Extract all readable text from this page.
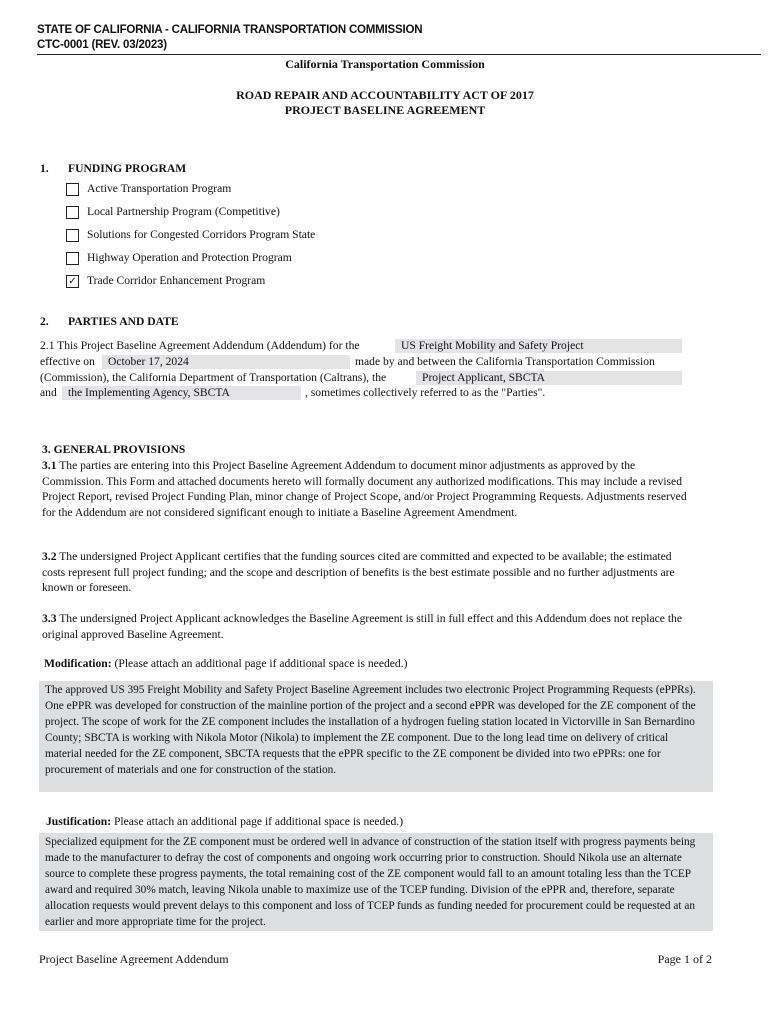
STATE OF CALIFORNIA - CALIFORNIA TRANSPORTATION COMMISSION
CTC-0001 (REV. 03/2023)
California Transportation Commission
ROAD REPAIR AND ACCOUNTABILITY ACT OF 2017
PROJECT BASELINE AGREEMENT
1. FUNDING PROGRAM
Active Transportation Program
Local Partnership Program (Competitive)
Solutions for Congested Corridors Program State
Highway Operation and Protection Program
✓ Trade Corridor Enhancement Program
2. PARTIES AND DATE
2.1 This Project Baseline Agreement Addendum (Addendum) for the	US Freight Mobility and Safety Project
effective on	October 17, 2024	made by and between the California Transportation Commission
(Commission), the California Department of Transportation (Caltrans), the	Project Applicant, SBCTA
and the Implementing Agency, SBCTA	, sometimes collectively referred to as the "Parties".
3. GENERAL PROVISIONS
3.1 The parties are entering into this Project Baseline Agreement Addendum to document minor adjustments as approved by the Commission. This Form and attached documents hereto will formally document any authorized modifications. This may include a revised Project Report, revised Project Funding Plan, minor change of Project Scope, and/or Project Programming Requests. Adjustments reserved for the Addendum are not considered significant enough to initiate a Baseline Agreement Amendment.
3.2 The undersigned Project Applicant certifies that the funding sources cited are committed and expected to be available; the estimated costs represent full project funding; and the scope and description of benefits is the best estimate possible and no further adjustments are known or foreseen.
3.3 The undersigned Project Applicant acknowledges the Baseline Agreement is still in full effect and this Addendum does not replace the original approved Baseline Agreement.
Modification: (Please attach an additional page if additional space is needed.)

The approved US 395 Freight Mobility and Safety Project Baseline Agreement includes two electronic Project Programming Requests (ePPRs). One ePPR was developed for construction of the mainline portion of the project and a second ePPR was developed for the ZE component of the project. The scope of work for the ZE component includes the installation of a hydrogen fueling station located in Victorville in San Bernardino County; SBCTA is working with Nikola Motor (Nikola) to implement the ZE component. Due to the long lead time on delivery of critical material needed for the ZE component, SBCTA requests that the ePPR specific to the ZE component be divided into two ePPRs: one for procurement of materials and one for construction of the station.

Justification: Please attach an additional page if additional space is needed.)

Specialized equipment for the ZE component must be ordered well in advance of construction of the station itself with progress payments being made to the manufacturer to defray the cost of components and ongoing work occurring prior to construction. Should Nikola use an alternate source to complete these progress payments, the total remaining cost of the ZE component would fall to an amount totaling less than the TCEP award and required 30% match, leaving Nikola unable to maximize use of the TCEP funding. Division of the ePPR and, therefore, separate allocation requests would prevent delays to this component and loss of TCEP funds as funding needed for procurement could be requested at an earlier and more appropriate time for the project.

Project Baseline Agreement Addendum	Page 1 of 2
